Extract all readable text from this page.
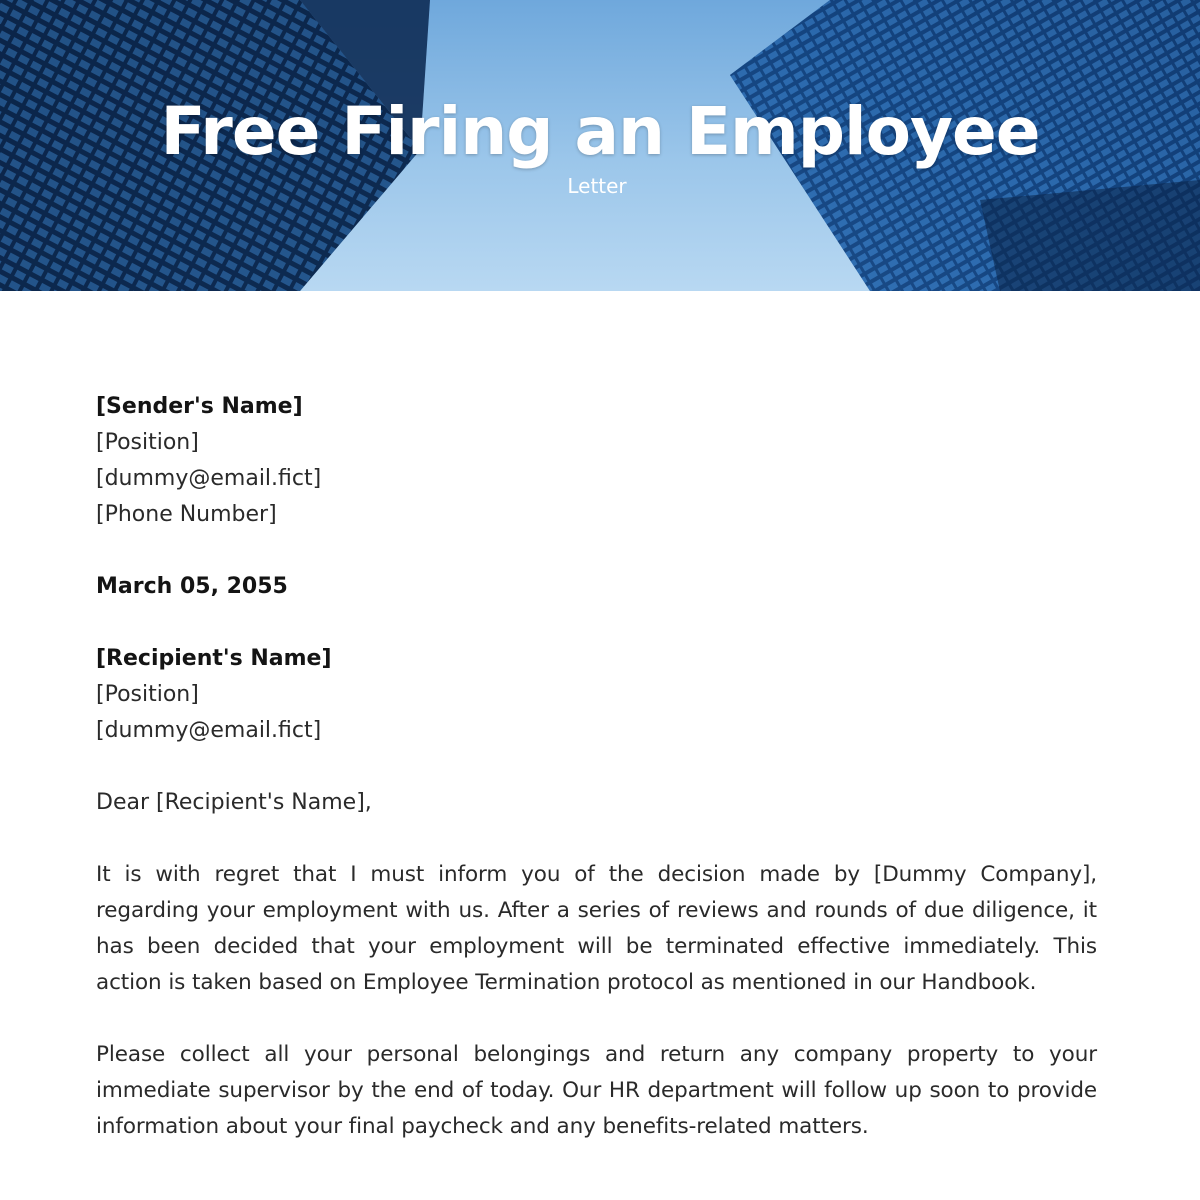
Free Firing an Employee

Letter

[Sender's Name]
[Position]
[dummy@email.fict]
[Phone Number]
March 05, 2055
[Recipient's Name]
[Position]
[dummy@email.fict]
Dear [Recipient's Name],

It is with regret that I must inform you of the decision made by [Dummy Company], regarding your employment with us. After a series of reviews and rounds of due diligence, it has been decided that your employment will be terminated effective immediately. This action is taken based on Employee Termination protocol as mentioned in our Handbook.

Please collect all your personal belongings and return any company property to your immediate supervisor by the end of today. Our HR department will follow up soon to provide information about your final paycheck and any benefits-related matters.
